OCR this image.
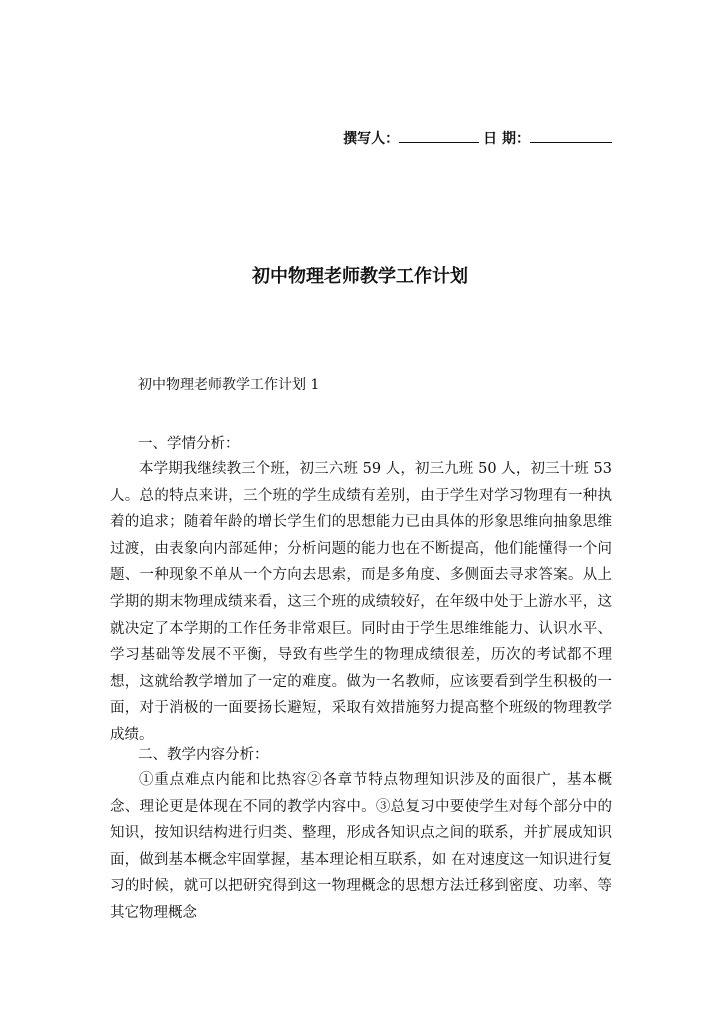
撰写人：	日 期：
初中物理老师教学工作计划
初中物理老师教学工作计划 1
一、学情分析：
本学期我继续教三个班，初三六班 59 人，初三九班 50 人，初三十班 53 人。总的特点来讲，三个班的学生成绩有差别，由于学生对学习物理有一种执着的追求；随着年龄的增长学生们的思想能力已由具体的形象思维向抽象思维过渡，由表象向内部延伸；分析问题的能力也在不断提高，他们能懂得一个问题、一种现象不单从一个方向去思索，而是多角度、多侧面去寻求答案。从上学期的期末物理成绩来看，这三个班的成绩较好，在年级中处于上游水平，这就决定了本学期的工作任务非常艰巨。同时由于学生思维维能力、认识水平、学习基础等发展不平衡，导致有些学生的物理成绩很差，历次的考试都不理想，这就给教学增加了一定的难度。做为一名教师，应该要看到学生积极的一面，对于消极的一面要扬长避短，采取有效措施努力提高整个班级的物理教学成绩。
二、教学内容分析：
①重点难点内能和比热容②各章节特点物理知识涉及的面很广，基本概念、理论更是体现在不同的教学内容中。③总复习中要使学生对每个部分中的知识，按知识结构进行归类、整理，形成各知识点之间的联系，并扩展成知识面，做到基本概念牢固掌握，基本理论相互联系，如 在对速度这一知识进行复习的时候，就可以把研究得到这一物理概念的思想方法迁移到密度、功率、等其它物理概念
